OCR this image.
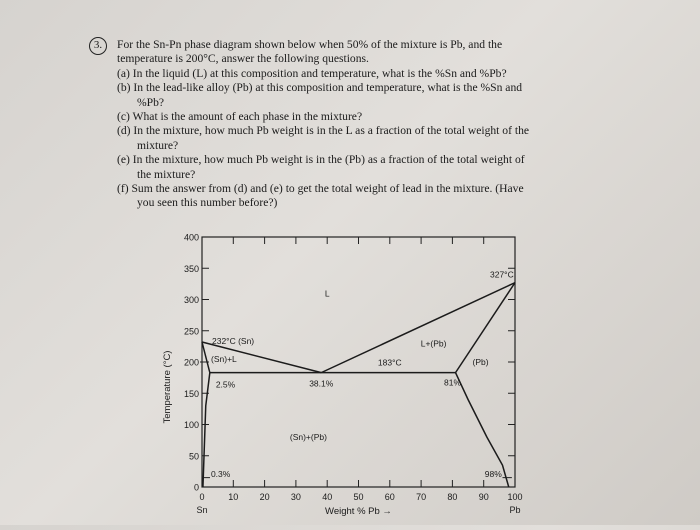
3.	For the Sn-Pn phase diagram shown below when 50% of the mixture is Pb, and the
temperature is 200°C, answer the following questions.
(a) In the liquid (L) at this composition and temperature, what is the %Sn and %Pb?
(b) In the lead-like alloy (Pb) at this composition and temperature, what is the %Sn and
%Pb?
(c) What is the amount of each phase in the mixture?
(d) In the mixture, how much Pb weight is in the L as a fraction of the total weight of the
mixture?
(e) In the mixture, how much Pb weight is in the (Pb) as a fraction of the total weight of
the mixture?
(f) Sum the answer from (d) and (e) to get the total weight of lead in the mixture. (Have
you seen this number before?)
0
50
100
150
200
250
300
350
400
0	10 20 30 40 50 60 70 80 90 100
Sn	Pb
Weight % Pb →
Temperature (°C)
327°C
232°C (Sn)
183°C
2.5%	38.1%	81%
0.3%	98%
L
L+(Pb)
(Pb)
(Sn)+L
(Sn)+(Pb)
